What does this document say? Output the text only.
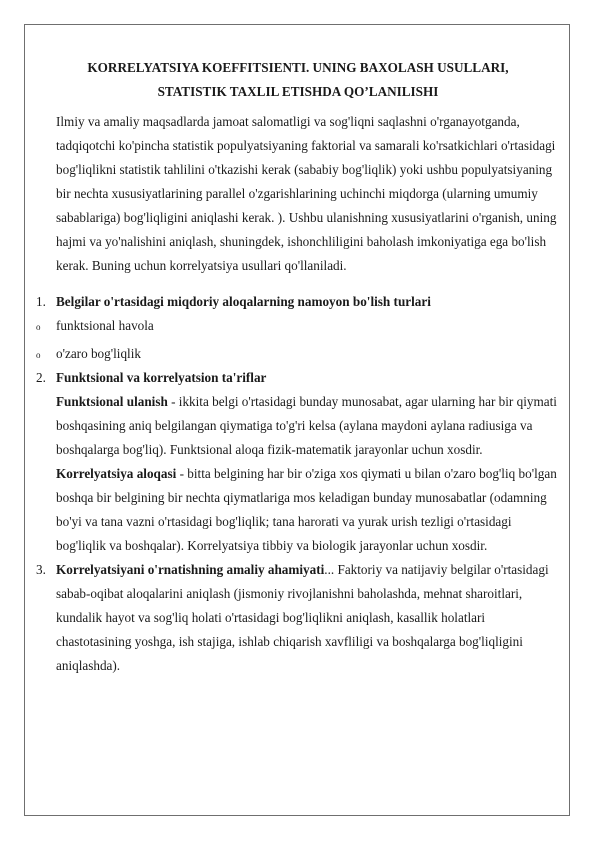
KORRELYATSIYA KOEFFITSIENTI. UNING BAXOLASH USULLARI,
STATISTIK TAXLIL ETISHDA QO’LANILISHI

Ilmiy va amaliy maqsadlarda jamoat salomatligi va sog'liqni saqlashni o'rganayotganda, tadqiqotchi ko'pincha statistik populyatsiyaning faktorial va samarali ko'rsatkichlari o'rtasidagi bog'liqlikni statistik tahlilini o'tkazishi kerak (sababiy bog'liqlik) yoki ushbu populyatsiyaning bir nechta xususiyatlarining parallel o'zgarishlarining uchinchi miqdorga (ularning umumiy sabablariga) bog'liqligini aniqlashi kerak. ). Ushbu ulanishning xususiyatlarini o'rganish, uning hajmi va yo'nalishini aniqlash, shuningdek, ishonchliligini baholash imkoniyatiga ega bo'lish kerak. Buning uchun korrelyatsiya usullari qo'llaniladi.

1. Belgilar o'rtasidagi miqdoriy aloqalarning namoyon bo'lish turlari
o	funktsional havola
o	o'zaro bog'liqlik
2. Funktsional va korrelyatsion ta'riflar

Funktsional ulanish - ikkita belgi o'rtasidagi bunday munosabat, agar ularning har bir qiymati boshqasining aniq belgilangan qiymatiga to'g'ri kelsa (aylana maydoni aylana radiusiga va boshqalarga bog'liq). Funktsional aloqa fizik-matematik jarayonlar uchun xosdir.

Korrelyatsiya aloqasi - bitta belgining har bir o'ziga xos qiymati u bilan o'zaro bog'liq bo'lgan boshqa bir belgining bir nechta qiymatlariga mos keladigan bunday munosabatlar (odamning bo'yi va tana vazni o'rtasidagi bog'liqlik; tana harorati va yurak urish tezligi o'rtasidagi bog'liqlik va boshqalar). Korrelyatsiya tibbiy va biologik jarayonlar uchun xosdir.

3. Korrelyatsiyani o'rnatishning amaliy ahamiyati... Faktoriy va natijaviy belgilar o'rtasidagi sabab-oqibat aloqalarini aniqlash (jismoniy rivojlanishni baholashda, mehnat sharoitlari, kundalik hayot va sog'liq holati o'rtasidagi bog'liqlikni aniqlash, kasallik holatlari chastotasining yoshga, ish stajiga, ishlab chiqarish xavfliligi va boshqalarga bog'liqligini aniqlashda).
